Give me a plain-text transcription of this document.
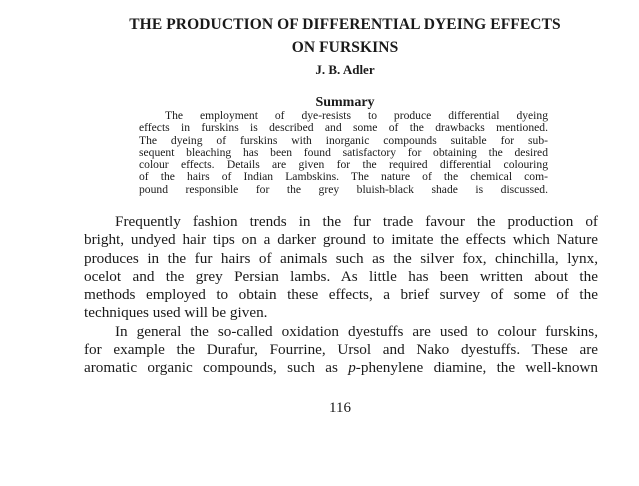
THE PRODUCTION OF DIFFERENTIAL DYEING EFFECTS
ON FURSKINS

J. B. Adler

Summary
The employment of dye-resists to produce differential dyeing
effects in furskins is described and some of the drawbacks mentioned.
The dyeing of furskins with inorganic compounds suitable for sub-
sequent bleaching has been found satisfactory for obtaining the desired
colour effects. Details are given for the required differential colouring
of the hairs of Indian Lambskins. The nature of the chemical com-
pound responsible for the grey bluish-black shade is discussed.
Frequently fashion trends in the fur trade favour the production of
bright, undyed hair tips on a darker ground to imitate the effects which Nature
produces in the fur hairs of animals such as the silver fox, chinchilla, lynx,
ocelot and the grey Persian lambs. As little has been written about the
methods employed to obtain these effects, a brief survey of some of the
techniques used will be given.
In general the so-called oxidation dyestuffs are used to colour furskins,
for example the Durafur, Fourrine, Ursol and Nako dyestuffs. These are
aromatic organic compounds, such as p-phenylene diamine, the well-known
116
